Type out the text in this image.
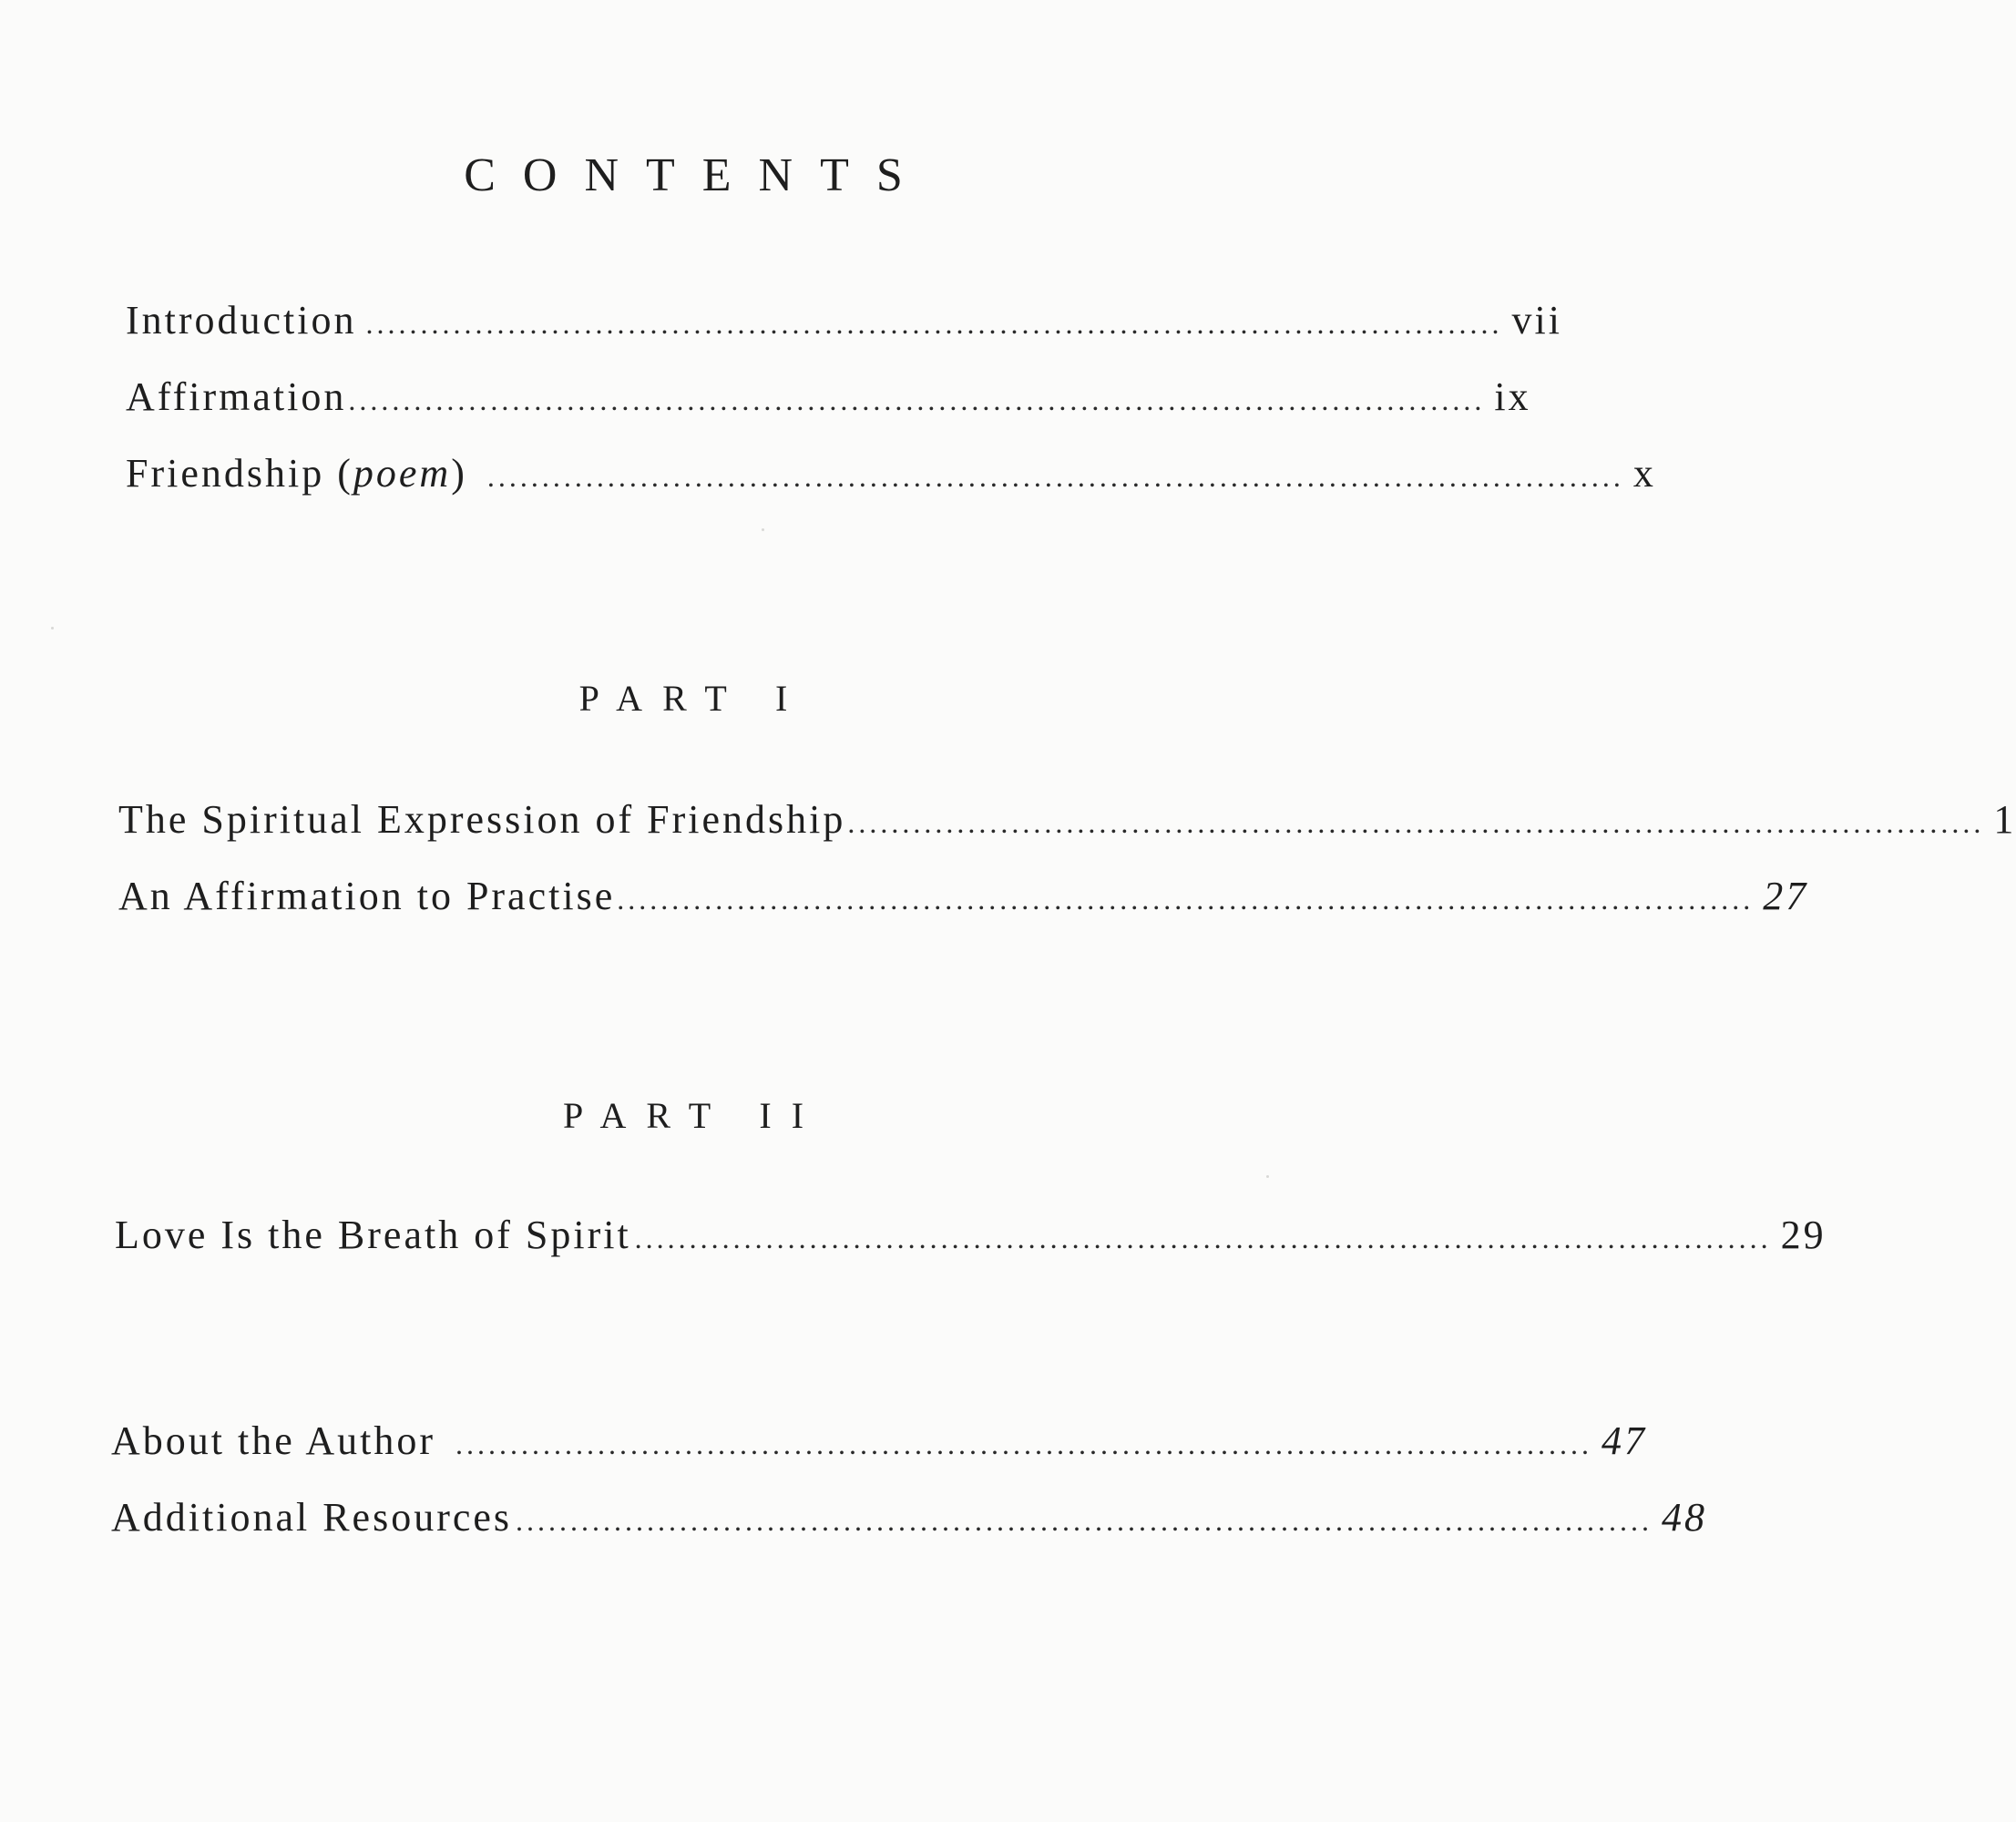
CONTENTS
Introduction ........................................................................................................ vii
Affirmation ........................................................................................................ ix
Friendship (poem) ........................................................................................................ x
PART I
The Spiritual Expression of Friendship ........................................................................................................ 1
An Affirmation to Practise ........................................................................................................ 27
PART II
Love Is the Breath of Spirit ........................................................................................................ 29
About the Author ........................................................................................................ 47
Additional Resources ........................................................................................................ 48
